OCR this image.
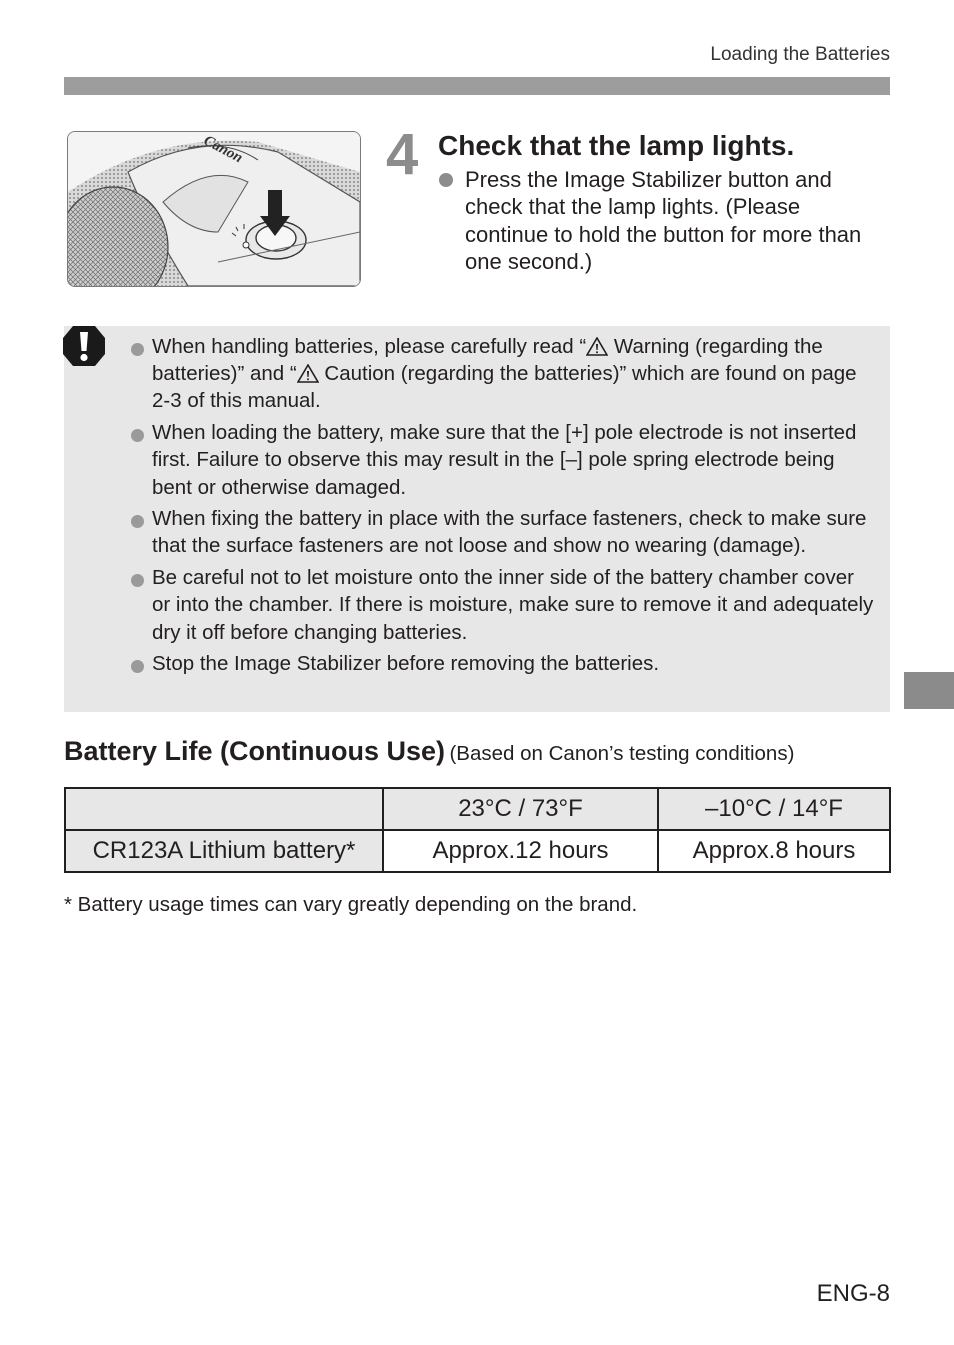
Loading the Batteries
Canon 4 Check that the lamp lights.
Press the Image Stabilizer button and check that the lamp lights. (Please continue to hold the button for more than one second.)
When handling batteries, please carefully read “ Warning (regarding the batteries)” and “ Caution (regarding the batteries)” which are found on page 2-3 of this manual.
When loading the battery, make sure that the [+] pole electrode is not inserted first. Failure to observe this may result in the [–] pole spring electrode being bent or otherwise damaged.
When fixing the battery in place with the surface fasteners, check to make sure that the surface fasteners are not loose and show no wearing (damage).
Be careful not to let moisture onto the inner side of the battery chamber cover or into the chamber. If there is moisture, make sure to remove it and adequately dry it off before changing batteries.
Stop the Image Stabilizer before removing the batteries.
Battery Life (Continuous Use) (Based on Canon’s testing conditions)
	23°C / 73°F	–10°C / 14°F
CR123A Lithium battery*	Approx.12 hours	Approx.8 hours
* Battery usage times can vary greatly depending on the brand.
ENG-8
